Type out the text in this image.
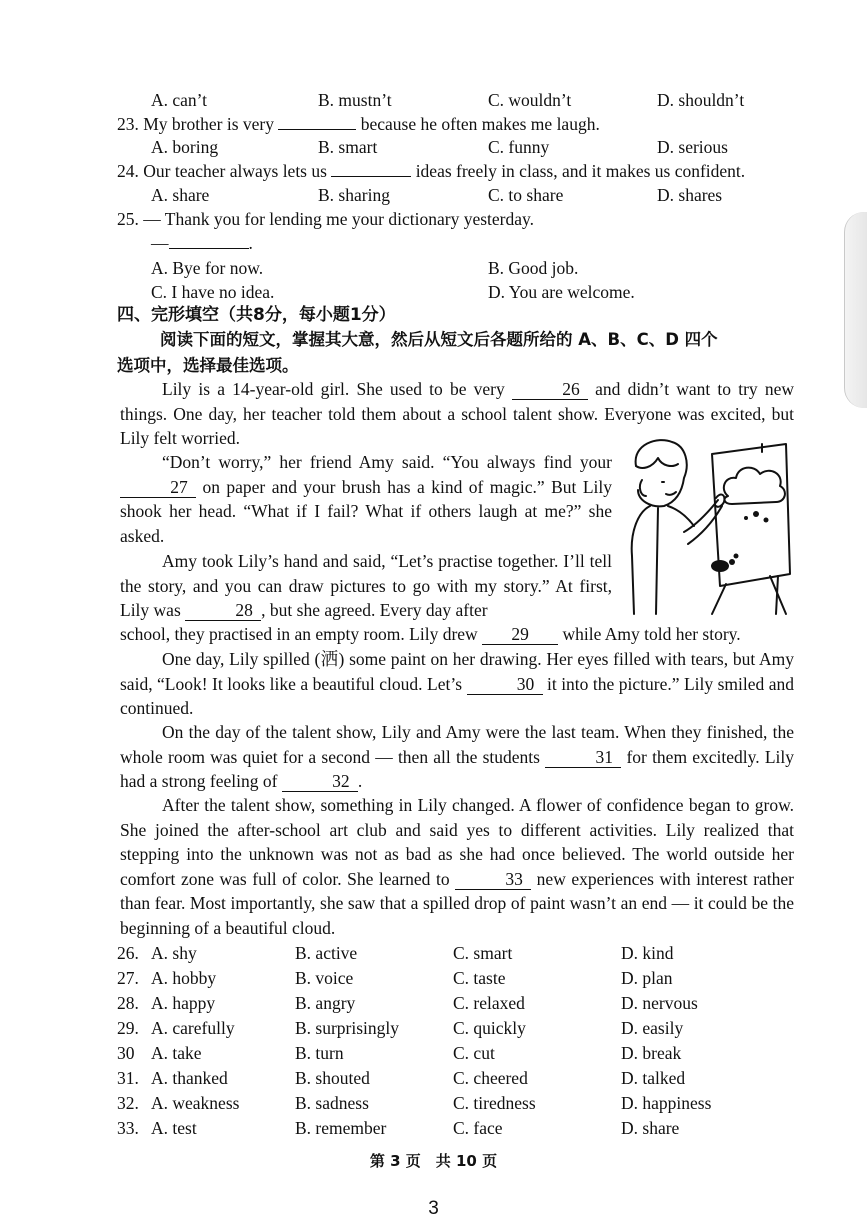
A. can’t	B. mustn’t	C. wouldn’t	D. shouldn’t
23. My brother is very	because he often makes me laugh.
A. boring	B. smart	C. funny	D. serious
24. Our teacher always lets us	ideas freely in class, and it makes us confident.
A. share	B. sharing	C. to share	D. shares
25. — Thank you for lending me your dictionary yesterday.
—	.
A. Bye for now.	B. Good job.
C. I have no idea.	D. You are welcome.
四、完形填空（共8分，每小题1分）
阅读下面的短文，掌握其大意，然后从短文后各题所给的 A、B、C、D 四个
选项中，选择最佳选项。
Lily is a 14-year-old girl. She used to be very	26 and didn’t want to try new things. One day, her teacher told them about a school talent show. Everyone was excited, but Lily felt worried.
“Don’t worry,” her friend Amy said. “You always find your 27 on paper and your brush has a kind of magic.” But Lily shook her head. “What if I fail? What if others laugh at me?” she asked.
Amy took Lily’s hand and said, “Let’s practise together. I’ll tell the story, and you can draw pictures to go with my story.” At first, Lily was	28 , but she agreed. Every day after
school, they practised in an empty room. Lily drew 29 while Amy told her story.
One day, Lily spilled (洒) some paint on her drawing. Her eyes filled with tears, but Amy said, “Look! It looks like a beautiful cloud. Let’s	30 it into the picture.” Lily smiled and continued.
On the day of the talent show, Lily and Amy were the last team. When they finished, the whole room was quiet for a second — then all the students	31 for them excitedly. Lily had a strong feeling of	32 .
After the talent show, something in Lily changed. A flower of confidence began to grow. She joined the after-school art club and said yes to different activities. Lily realized that stepping into the unknown was not as bad as she had once believed. The world outside her comfort zone was full of color. She learned to	33 new experiences with interest rather than fear. Most importantly, she saw that a spilled drop of paint wasn’t an end — it could be the beginning of a beautiful cloud.
26. A. shy	B. active	C. smart	D. kind
27. A. hobby	B. voice	C. taste	D. plan
28. A. happy	B. angry	C. relaxed	D. nervous
29. A. carefully	B. surprisingly	C. quickly	D. easily
30 A. take	B. turn	C. cut	D. break
31. A. thanked	B. shouted	C. cheered	D. talked
32. A. weakness	B. sadness	C. tiredness	D. happiness
33. A. test	B. remember	C. face	D. share
第 3 页　共 10 页
3
